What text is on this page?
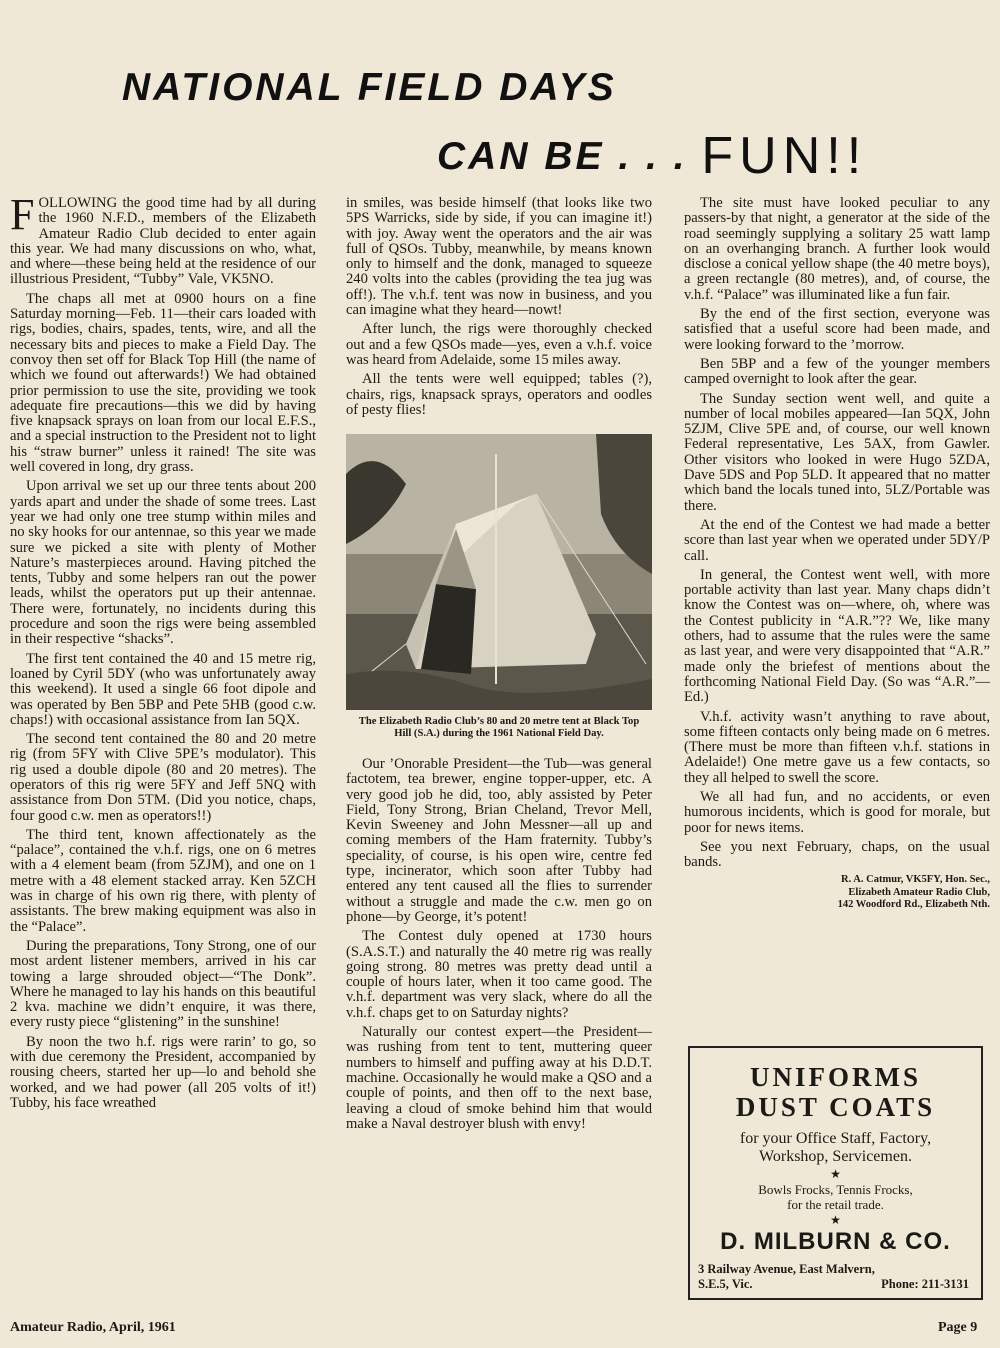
NATIONAL FIELD DAYS
CAN BE . . . FUN!!

FOLLOWING the good time had by all during the 1960 N.F.D., members of the Elizabeth Amateur Radio Club decided to enter again this year. We had many discussions on who, what, and where—these being held at the residence of our illustrious President, “Tubby” Vale, VK5NO.

The chaps all met at 0900 hours on a fine Saturday morning—Feb. 11—their cars loaded with rigs, bodies, chairs, spades, tents, wire, and all the necessary bits and pieces to make a Field Day. The convoy then set off for Black Top Hill (the name of which we found out afterwards!) We had obtained prior permission to use the site, providing we took adequate fire precautions—this we did by having five knapsack sprays on loan from our local E.F.S., and a special instruction to the President not to light his “straw burner” unless it rained! The site was well covered in long, dry grass.

Upon arrival we set up our three tents about 200 yards apart and under the shade of some trees. Last year we had only one tree stump within miles and no sky hooks for our antennae, so this year we made sure we picked a site with plenty of Mother Nature’s masterpieces around. Having pitched the tents, Tubby and some helpers ran out the power leads, whilst the operators put up their antennae. There were, fortunately, no incidents during this procedure and soon the rigs were being assembled in their respective “shacks”.

The first tent contained the 40 and 15 metre rig, loaned by Cyril 5DY (who was unfortunately away this weekend). It used a single 66 foot dipole and was operated by Ben 5BP and Pete 5HB (good c.w. chaps!) with occasional assistance from Ian 5QX.

The second tent contained the 80 and 20 metre rig (from 5FY with Clive 5PE’s modulator). This rig used a double dipole (80 and 20 metres). The operators of this rig were 5FY and Jeff 5NQ with assistance from Don 5TM. (Did you notice, chaps, four good c.w. men as operators!!)

The third tent, known affectionately as the “palace”, contained the v.h.f. rigs, one on 6 metres with a 4 element beam (from 5ZJM), and one on 1 metre with a 48 element stacked array. Ken 5ZCH was in charge of his own rig there, with plenty of assistants. The brew making equipment was also in the “Palace”.

During the preparations, Tony Strong, one of our most ardent listener members, arrived in his car towing a large shrouded object—“The Donk”. Where he managed to lay his hands on this beautiful 2 kva. machine we didn’t enquire, it was there, every rusty piece “glistening” in the sunshine!

By noon the two h.f. rigs were rarin’ to go, so with due ceremony the President, accompanied by rousing cheers, started her up—lo and behold she worked, and we had power (all 205 volts of it!) Tubby, his face wreathed

in smiles, was beside himself (that looks like two 5PS Warricks, side by side, if you can imagine it!) with joy. Away went the operators and the air was full of QSOs. Tubby, meanwhile, by means known only to himself and the donk, managed to squeeze 240 volts into the cables (providing the tea jug was off!). The v.h.f. tent was now in business, and you can imagine what they heard—nowt!

After lunch, the rigs were thoroughly checked out and a few QSOs made—yes, even a v.h.f. voice was heard from Adelaide, some 15 miles away.

All the tents were well equipped; tables (?), chairs, rigs, knapsack sprays, operators and oodles of pesty flies!

The Elizabeth Radio Club’s 80 and 20 metre tent at Black Top Hill (S.A.) during the 1961 National Field Day.

Our ’Onorable President—the Tub—was general factotem, tea brewer, engine topper-upper, etc. A very good job he did, too, ably assisted by Peter Field, Tony Strong, Brian Cheland, Trevor Mell, Kevin Sweeney and John Messner—all up and coming members of the Ham fraternity. Tubby’s speciality, of course, is his open wire, centre fed type, incinerator, which soon after Tubby had entered any tent caused all the flies to surrender without a struggle and made the c.w. men go on phone—by George, it’s potent!

The Contest duly opened at 1730 hours (S.A.S.T.) and naturally the 40 metre rig was really going strong. 80 metres was pretty dead until a couple of hours later, when it too came good. The v.h.f. department was very slack, where do all the v.h.f. chaps get to on Saturday nights?

Naturally our contest expert—the President—was rushing from tent to tent, muttering queer numbers to himself and puffing away at his D.D.T. machine. Occasionally he would make a QSO and a couple of points, and then off to the next base, leaving a cloud of smoke behind him that would make a Naval destroyer blush with envy!

The site must have looked peculiar to any passers-by that night, a generator at the side of the road seemingly supplying a solitary 25 watt lamp on an overhanging branch. A further look would disclose a conical yellow shape (the 40 metre boys), a green rectangle (80 metres), and, of course, the v.h.f. “Palace” was illuminated like a fun fair.

By the end of the first section, everyone was satisfied that a useful score had been made, and were looking forward to the ’morrow.

Ben 5BP and a few of the younger members camped overnight to look after the gear.

The Sunday section went well, and quite a number of local mobiles appeared—Ian 5QX, John 5ZJM, Clive 5PE and, of course, our well known Federal representative, Les 5AX, from Gawler. Other visitors who looked in were Hugo 5ZDA, Dave 5DS and Pop 5LD. It appeared that no matter which band the locals tuned into, 5LZ/Portable was there.

At the end of the Contest we had made a better score than last year when we operated under 5DY/P call.

In general, the Contest went well, with more portable activity than last year. Many chaps didn’t know the Contest was on—where, oh, where was the Contest publicity in “A.R.”?? We, like many others, had to assume that the rules were the same as last year, and were very disappointed that “A.R.” made only the briefest of mentions about the forthcoming National Field Day. (So was “A.R.”—Ed.)

V.h.f. activity wasn’t anything to rave about, some fifteen contacts only being made on 6 metres. (There must be more than fifteen v.h.f. stations in Adelaide!) One metre gave us a few contacts, so they all helped to swell the score.

We all had fun, and no accidents, or even humorous incidents, which is good for morale, but poor for news items.

See you next February, chaps, on the usual bands.

R. A. Catmur, VK5FY, Hon. Sec.,
Elizabeth Amateur Radio Club,
142 Woodford Rd., Elizabeth Nth.
UNIFORMS
DUST COATS
for your Office Staff, Factory,
Workshop, Servicemen.
★
Bowls Frocks, Tennis Frocks,
for the retail trade.
★
D. MILBURN & CO.
3 Railway Avenue, East Malvern,
S.E.5, Vic.	Phone: 211-3131
Amateur Radio, April, 1961	Page 9
